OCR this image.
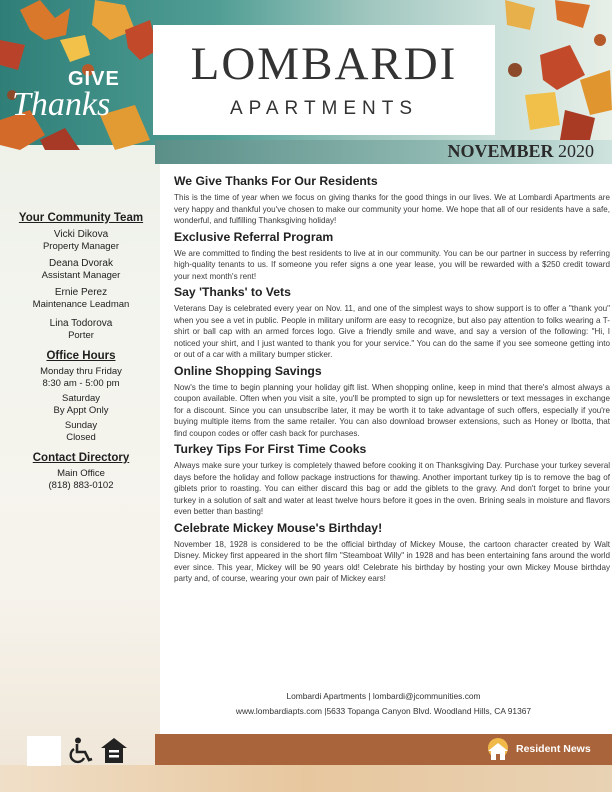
GIVE
Thanks
LOMBARDI
APARTMENTS
NOVEMBER 2020
Your Community Team
Vicki Dikova
Property Manager
Deana Dvorak
Assistant Manager
Ernie Perez
Maintenance Leadman
Lina Todorova
Porter
Office Hours
Monday thru Friday
8:30 am - 5:00 pm
Saturday
By Appt Only
Sunday
Closed
Contact Directory
Main Office
(818) 883-0102
We Give Thanks For Our Residents

This is the time of year when we focus on giving thanks for the good things in our lives. We at Lombardi Apartments are very happy and thankful you've chosen to make our community your home. We hope that all of our residents have a safe, wonderful, and fulfilling Thanksgiving holiday!

Exclusive Referral Program

We are committed to finding the best residents to live at in our community. You can be our partner in success by referring high-quality tenants to us. If someone you refer signs a one year lease, you will be rewarded with a $250 credit toward your next month's rent!

Say 'Thanks' to Vets

Veterans Day is celebrated every year on Nov. 11, and one of the simplest ways to show support is to offer a "thank you" when you see a vet in public. People in military uniform are easy to recognize, but also pay attention to folks wearing a T-shirt or ball cap with an armed forces logo. Give a friendly smile and wave, and say a version of the following: "Hi, I noticed your shirt, and I just wanted to thank you for your service." You can do the same if you see someone getting into or out of a car with a military bumper sticker.

Online Shopping Savings

Now's the time to begin planning your holiday gift list. When shopping online, keep in mind that there's almost always a coupon available. Often when you visit a site, you'll be prompted to sign up for newsletters or text messages in exchange for a discount. Since you can unsubscribe later, it may be worth it to take advantage of such offers, especially if you're buying multiple items from the same retailer. You can also download browser extensions, such as Honey or Ibotta, that find coupon codes or offer cash back for purchases.

Turkey Tips For First Time Cooks

Always make sure your turkey is completely thawed before cooking it on Thanksgiving Day. Purchase your turkey several days before the holiday and follow package instructions for thawing. Another important turkey tip is to remove the bag of giblets prior to roasting. You can either discard this bag or add the giblets to the gravy. And don't forget to brine your turkey in a solution of salt and water at least twelve hours before it goes in the oven. Brining seals in moisture and flavors even better than basting!

Celebrate Mickey Mouse's Birthday!

November 18, 1928 is considered to be the official birthday of Mickey Mouse, the cartoon character created by Walt Disney. Mickey first appeared in the short film "Steamboat Willy" in 1928 and has been entertaining fans around the world ever since. This year, Mickey will be 90 years old! Celebrate his birthday by hosting your own Mickey Mouse birthday party and, of course, wearing your own pair of Mickey ears!

Lombardi Apartments | lombardi@jcommunities.com
www.lombardiapts.com |5633 Topanga Canyon Blvd. Woodland Hills, CA 91367
Resident News
